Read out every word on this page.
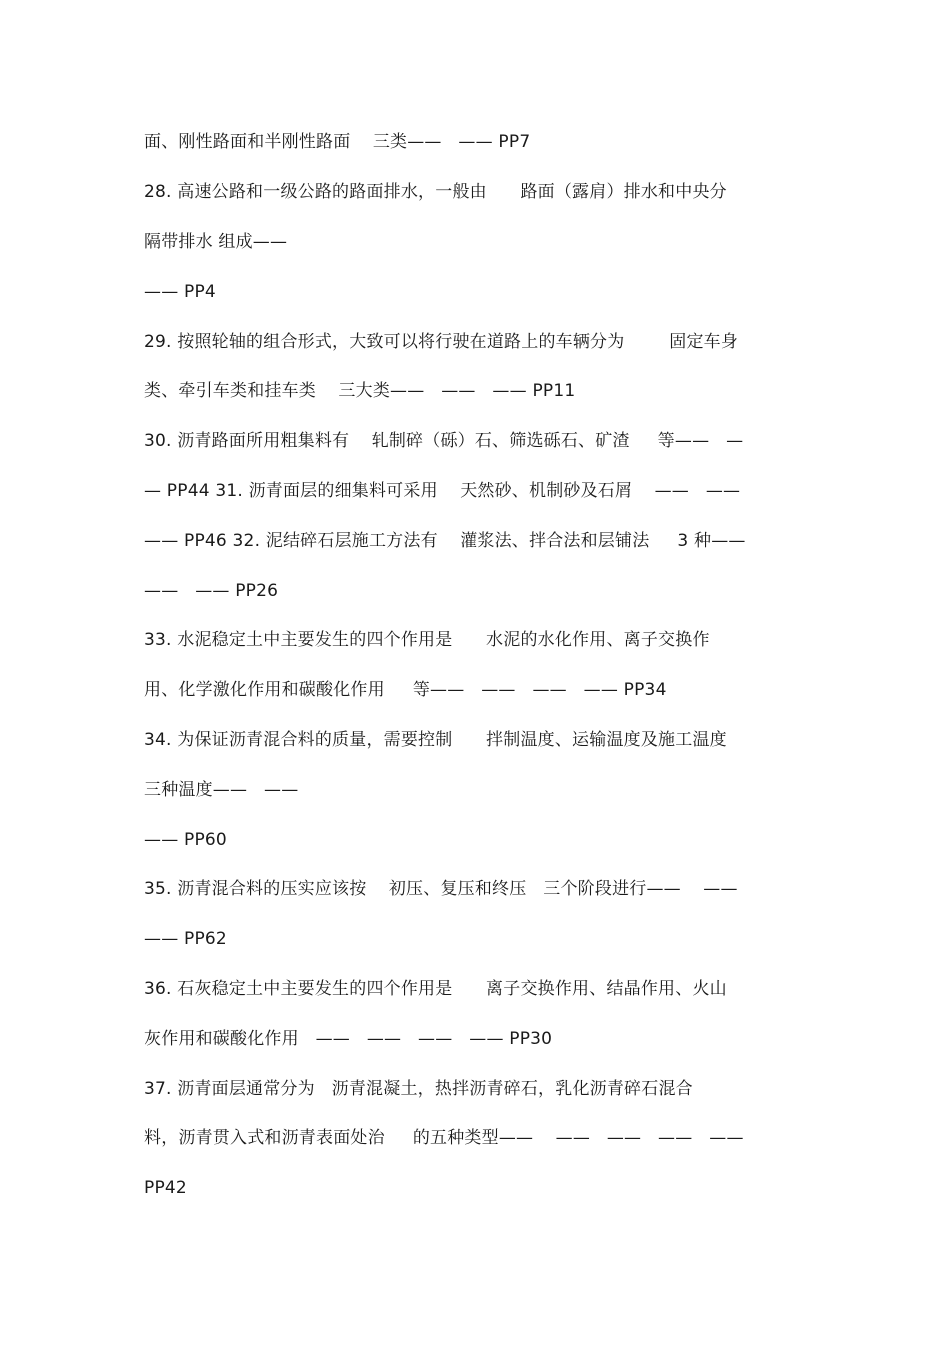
面、刚性路面和半刚性路面    三类——   —— PP7
28. 高速公路和一级公路的路面排水，一般由      路面（露肩）排水和中央分
隔带排水 组成——
—— PP4
29. 按照轮轴的组合形式，大致可以将行驶在道路上的车辆分为        固定车身
类、牵引车类和挂车类    三大类——   ——   —— PP11
30. 沥青路面所用粗集料有    轧制碎（砾）石、筛选砾石、矿渣     等——   —
— PP44 31. 沥青面层的细集料可采用    天然砂、机制砂及石屑    ——   ——
—— PP46 32. 泥结碎石层施工方法有    灌浆法、拌合法和层铺法     3 种——
——   —— PP26
33. 水泥稳定土中主要发生的四个作用是      水泥的水化作用、离子交换作
用、化学激化作用和碳酸化作用     等——   ——   ——   —— PP34
34. 为保证沥青混合料的质量，需要控制      拌制温度、运输温度及施工温度
三种温度——   ——
—— PP60
35. 沥青混合料的压实应该按    初压、复压和终压   三个阶段进行——    ——
—— PP62
36. 石灰稳定土中主要发生的四个作用是      离子交换作用、结晶作用、火山
灰作用和碳酸化作用   ——   ——   ——   —— PP30
37. 沥青面层通常分为   沥青混凝土，热拌沥青碎石，乳化沥青碎石混合
料，沥青贯入式和沥青表面处治     的五种类型——    ——   ——   ——   ——
PP42
